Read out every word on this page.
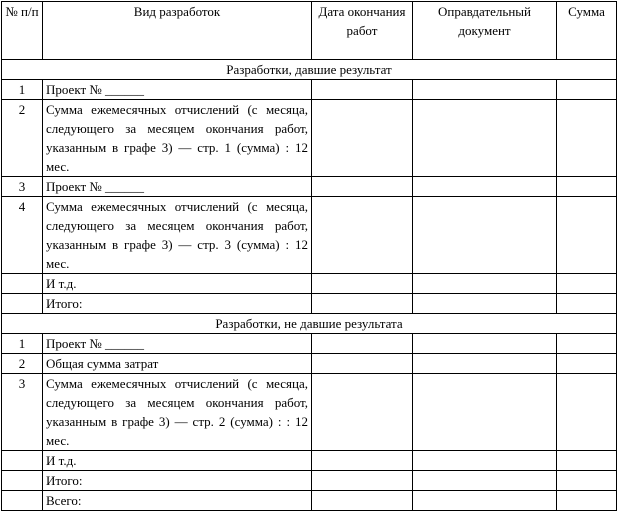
№ п/п	Вид разработок	Дата окончания работ	Оправдательный документ	Сумма
Разработки, давшие результат				
1	Проект № ______			
2	Сумма ежемесячных отчислений (с месяца, следующего за месяцем окончания работ, указанным в графе 3) — стр. 1 (сумма) : 12 мес.			
3	Проект № ______			
4	Сумма ежемесячных отчислений (с месяца, следующего за месяцем окончания работ, указанным в графе 3) — стр. 3 (сумма) : 12 мес.			
	И т.д.			
	Итого:			
Разработки, не давшие результата				
1	Проект № ______			
2	Общая сумма затрат			
3	Сумма ежемесячных отчислений (с месяца, следующего за месяцем окончания работ, указанным в графе 3) — стр. 2 (сумма) : : 12 мес.			
	И т.д.			
	Итого:			
	Всего:			
